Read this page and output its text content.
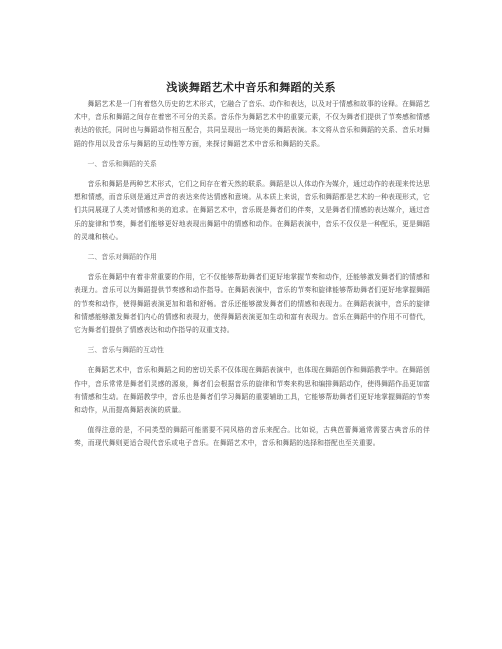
浅谈舞蹈艺术中音乐和舞蹈的关系

舞蹈艺术是一门有着悠久历史的艺术形式，它融合了音乐、动作和表达，以及对于情感和故事的诠释。在舞蹈艺术中，音乐和舞蹈之间存在着密不可分的关系。音乐作为舞蹈艺术中的重要元素，不仅为舞者们提供了节奏感和情感表达的依托，同时也与舞蹈动作相互配合，共同呈现出一场完美的舞蹈表演。本文将从音乐和舞蹈的关系、音乐对舞蹈的作用以及音乐与舞蹈的互动性等方面，来探讨舞蹈艺术中音乐和舞蹈的关系。

一、音乐和舞蹈的关系

音乐和舞蹈是两种艺术形式，它们之间存在着天然的联系。舞蹈是以人体动作为媒介，通过动作的表现来传达思想和情感，而音乐则是通过声音的表达来传达情感和意境。从本质上来说，音乐和舞蹈都是艺术的一种表现形式，它们共同展现了人类对情感和美的追求。在舞蹈艺术中，音乐既是舞者们的伴奏，又是舞者们情感的表达媒介，通过音乐的旋律和节奏，舞者们能够更好地表现出舞蹈中的情感和动作。在舞蹈表演中，音乐不仅仅是一种配乐，更是舞蹈的灵魂和核心。

二、音乐对舞蹈的作用

音乐在舞蹈中有着非常重要的作用，它不仅能够帮助舞者们更好地掌握节奏和动作，还能够激发舞者们的情感和表现力。音乐可以为舞蹈提供节奏感和动作指导。在舞蹈表演中，音乐的节奏和旋律能够帮助舞者们更好地掌握舞蹈的节奏和动作，使得舞蹈表演更加和谐和舒畅。音乐还能够激发舞者们的情感和表现力。在舞蹈表演中，音乐的旋律和情感能够激发舞者们内心的情感和表现力，使得舞蹈表演更加生动和富有表现力。音乐在舞蹈中的作用不可替代，它为舞者们提供了情感表达和动作指导的双重支持。

三、音乐与舞蹈的互动性

在舞蹈艺术中，音乐和舞蹈之间的密切关系不仅体现在舞蹈表演中，也体现在舞蹈创作和舞蹈教学中。在舞蹈创作中，音乐常常是舞者们灵感的源泉，舞者们会根据音乐的旋律和节奏来构思和编排舞蹈动作，使得舞蹈作品更加富有情感和生动。在舞蹈教学中，音乐也是舞者们学习舞蹈的重要辅助工具，它能够帮助舞者们更好地掌握舞蹈的节奏和动作，从而提高舞蹈表演的质量。

值得注意的是，不同类型的舞蹈可能需要不同风格的音乐来配合。比如说，古典芭蕾舞通常需要古典音乐的伴奏，而现代舞则更适合现代音乐或电子音乐。在舞蹈艺术中，音乐和舞蹈的选择和搭配也至关重要。
